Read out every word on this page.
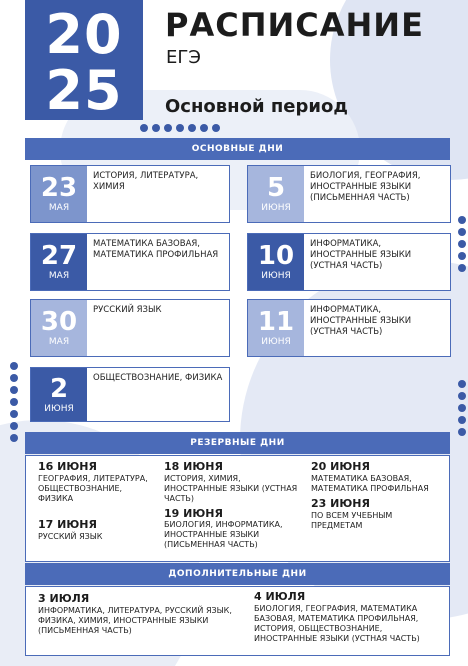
20
25
РАСПИСАНИЕ
ЕГЭ
Основной период
ОСНОВНЫЕ ДНИ
23
МАЯ
ИСТОРИЯ, ЛИТЕРАТУРА, ХИМИЯ	5
ИЮНЯ
БИОЛОГИЯ, ГЕОГРАФИЯ, ИНОСТРАННЫЕ ЯЗЫКИ (ПИСЬМЕННАЯ ЧАСТЬ)
27
МАЯ
МАТЕМАТИКА БАЗОВАЯ, МАТЕМАТИКА ПРОФИЛЬНАЯ 10
ИЮНЯ
ИНФОРМАТИКА, ИНОСТРАННЫЕ ЯЗЫКИ (УСТНАЯ ЧАСТЬ)
30
МАЯ
РУССКИЙ ЯЗЫК	11
ИЮНЯ
ИНФОРМАТИКА, ИНОСТРАННЫЕ ЯЗЫКИ (УСТНАЯ ЧАСТЬ)
2
ИЮНЯ
ОБЩЕСТВОЗНАНИЕ, ФИЗИКА
РЕЗЕРВНЫЕ ДНИ
16 ИЮНЯ
ГЕОГРАФИЯ, ЛИТЕРАТУРА, ОБЩЕСТВОЗНАНИЕ, ФИЗИКА
17 ИЮНЯ
РУССКИЙ ЯЗЫК
18 ИЮНЯ
ИСТОРИЯ, ХИМИЯ, ИНОСТРАННЫЕ ЯЗЫКИ (УСТНАЯ ЧАСТЬ)
19 ИЮНЯ
БИОЛОГИЯ, ИНФОРМАТИКА, ИНОСТРАННЫЕ ЯЗЫКИ (ПИСЬМЕННАЯ ЧАСТЬ)
20 ИЮНЯ
МАТЕМАТИКА БАЗОВАЯ, МАТЕМАТИКА ПРОФИЛЬНАЯ
23 ИЮНЯ
ПО ВСЕМ УЧЕБНЫМ ПРЕДМЕТАМ
ДОПОЛНИТЕЛЬНЫЕ ДНИ
3 ИЮЛЯ
ИНФОРМАТИКА, ЛИТЕРАТУРА, РУССКИЙ ЯЗЫК, ФИЗИКА, ХИМИЯ, ИНОСТРАННЫЕ ЯЗЫКИ (ПИСЬМЕННАЯ ЧАСТЬ)
4 ИЮЛЯ
БИОЛОГИЯ, ГЕОГРАФИЯ, МАТЕМАТИКА БАЗОВАЯ, МАТЕМАТИКА ПРОФИЛЬНАЯ, ИСТОРИЯ, ОБЩЕСТВОЗНАНИЕ, ИНОСТРАННЫЕ ЯЗЫКИ (УСТНАЯ ЧАСТЬ)
